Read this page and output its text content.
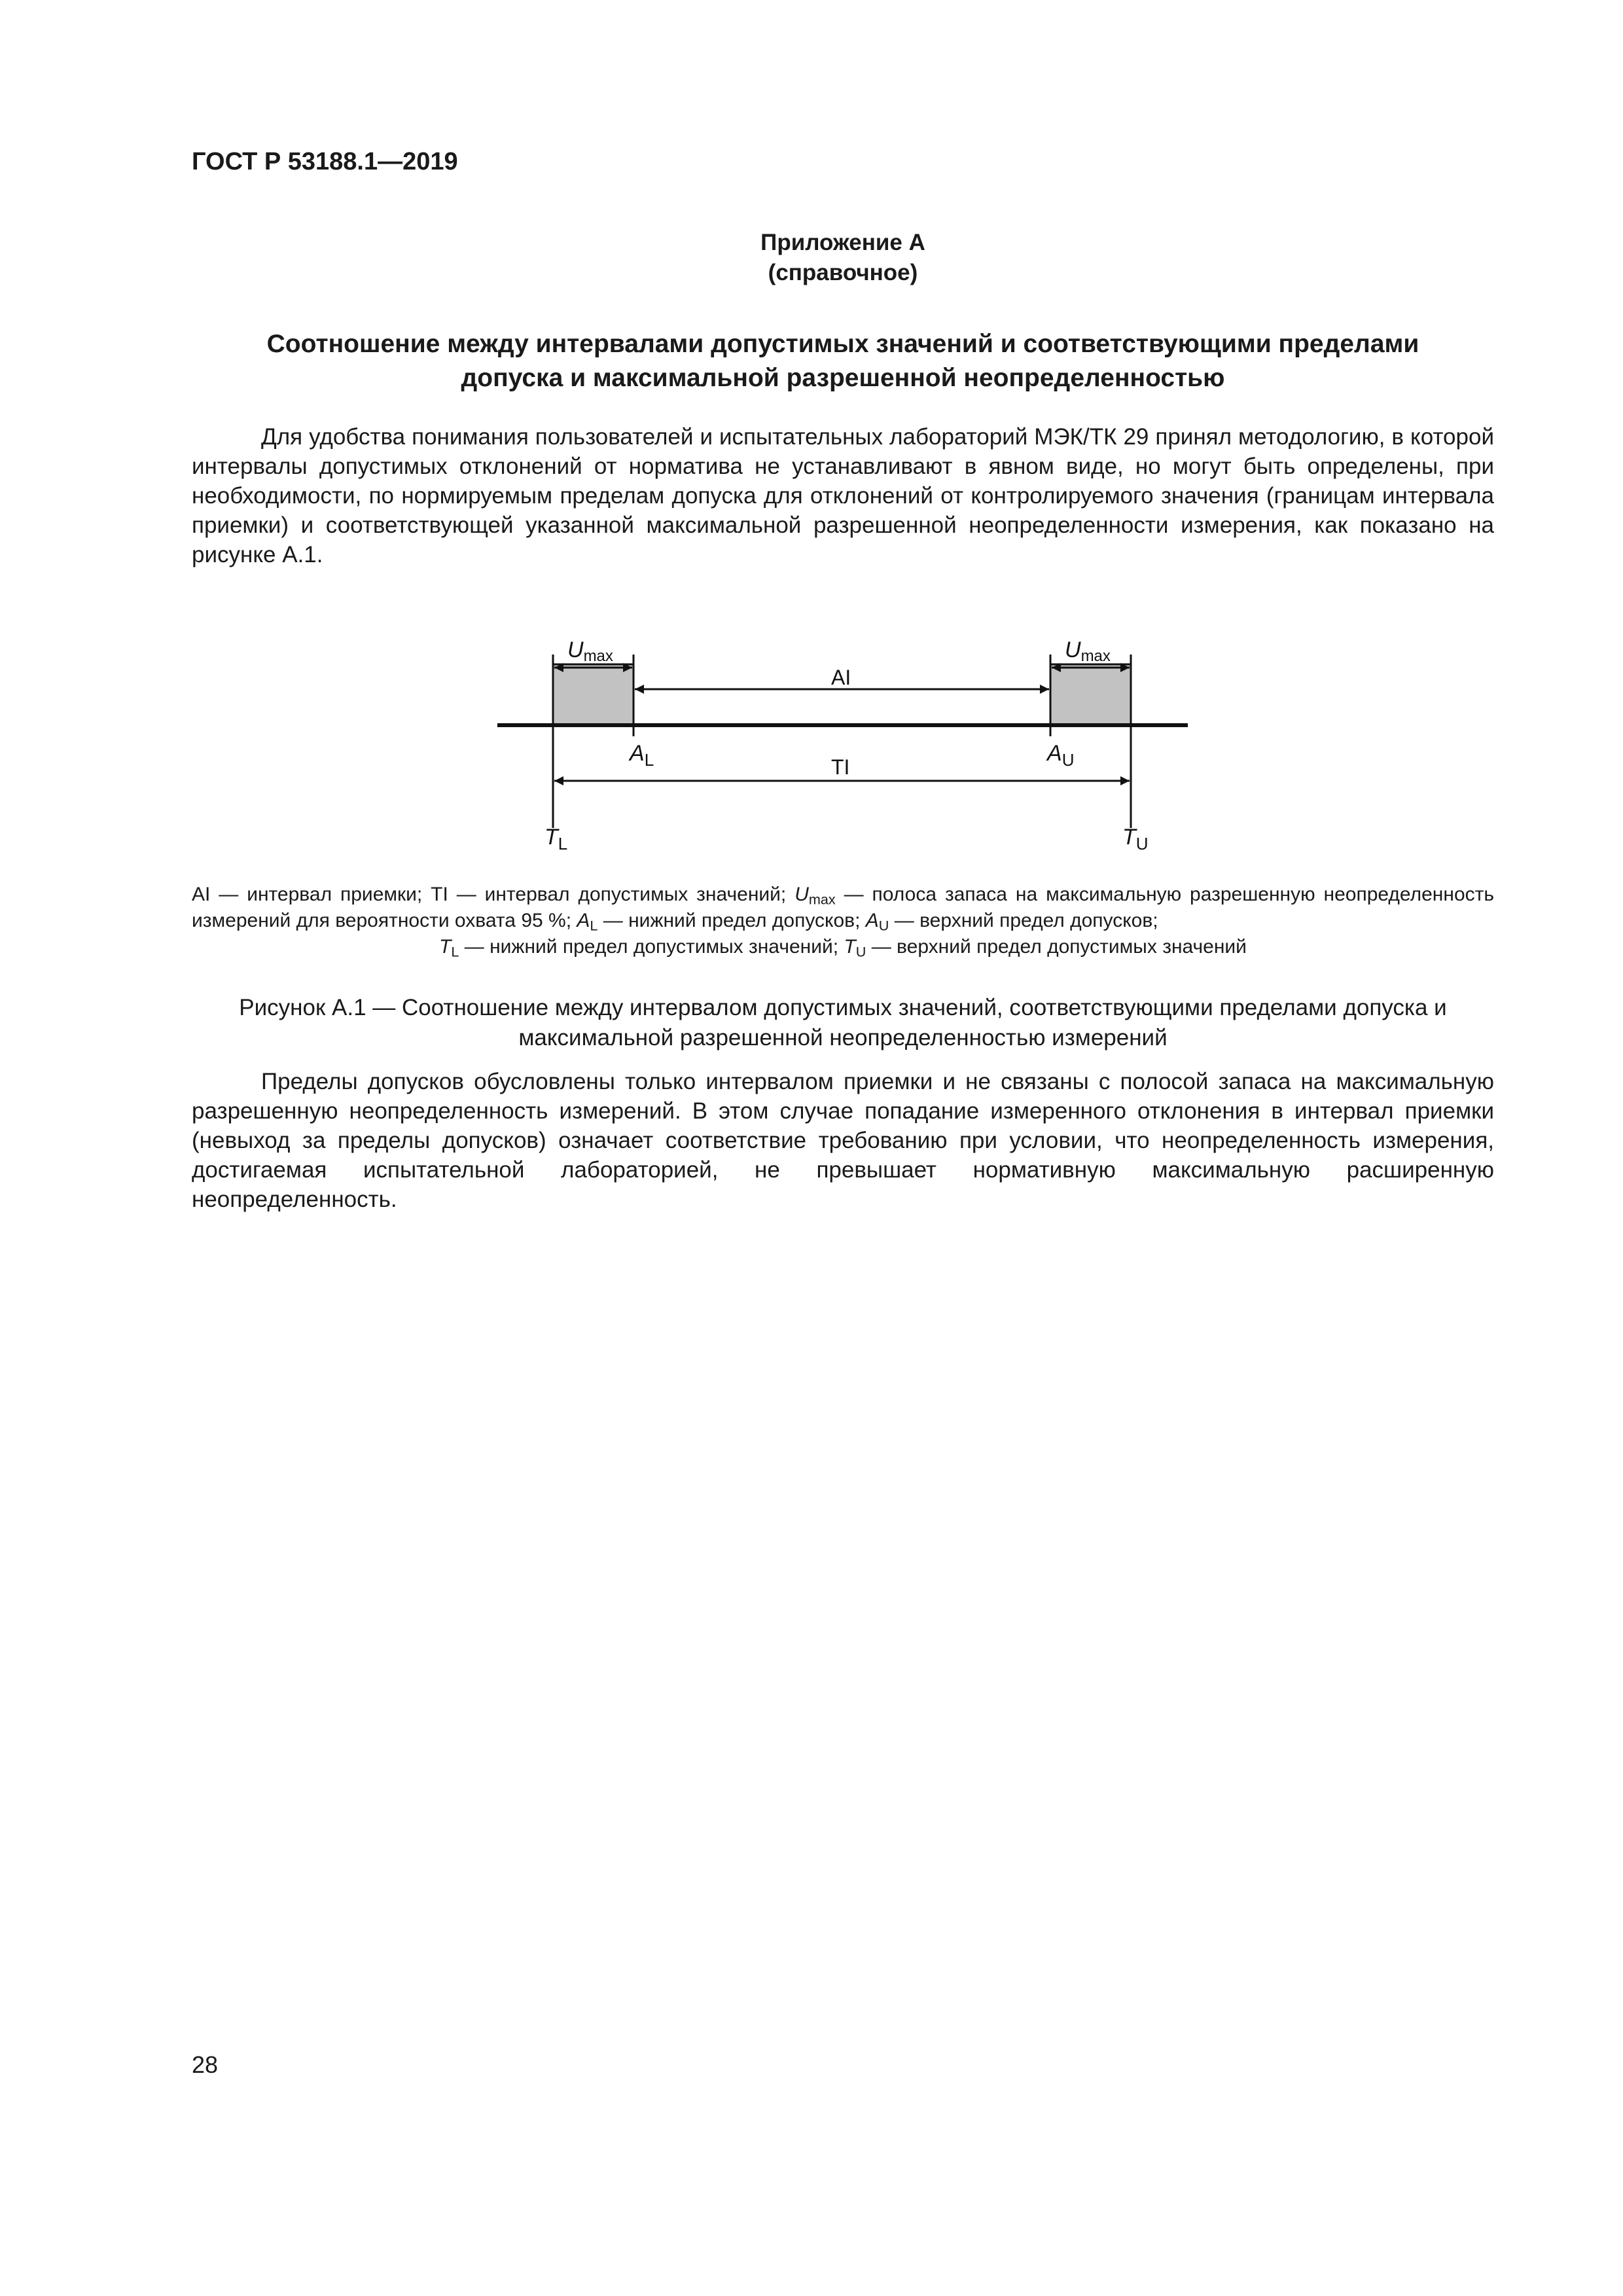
ГОСТ Р 53188.1—2019
Приложение А
(справочное)
Соотношение между интервалами допустимых значений и соответствующими пределами
допуска и максимальной разрешенной неопределенностью

Для удобства понимания пользователей и испытательных лабораторий МЭК/ТК 29 принял методологию, в которой интервалы допустимых отклонений от норматива не устанавливают в явном виде, но могут быть определены, при необходимости, по нормируемым пределам допуска для отклонений от контролируемого значения (границам интервала приемки) и соответствующей указанной максимальной разрешенной неопределенности измерения, как показано на рисунке А.1.

Umax	Umax
AI
TI
$A_L$	$A_U$
$T_L$	$T_U$
AI — интервал приемки; TI — интервал допустимых значений; $U_{max}$ — полоса запаса на максимальную разрешенную неопределенность измерений для вероятности охвата 95 %; $A_L$ — нижний предел допусков; $A_U$ — верхний предел допусков;
$T_L$ — нижний предел допустимых значений; $T_U$ — верхний предел допустимых значений
Рисунок А.1 — Соотношение между интервалом допустимых значений, соответствующими пределами допуска и
максимальной разрешенной неопределенностью измерений

Пределы допусков обусловлены только интервалом приемки и не связаны с полосой запаса на максимальную разрешенную неопределенность измерений. В этом случае попадание измеренного отклонения в интервал приемки (невыход за пределы допусков) означает соответствие требованию при условии, что неопределенность измерения, достигаемая испытательной лабораторией, не превышает нормативную максимальную расширенную неопределенность.

28
